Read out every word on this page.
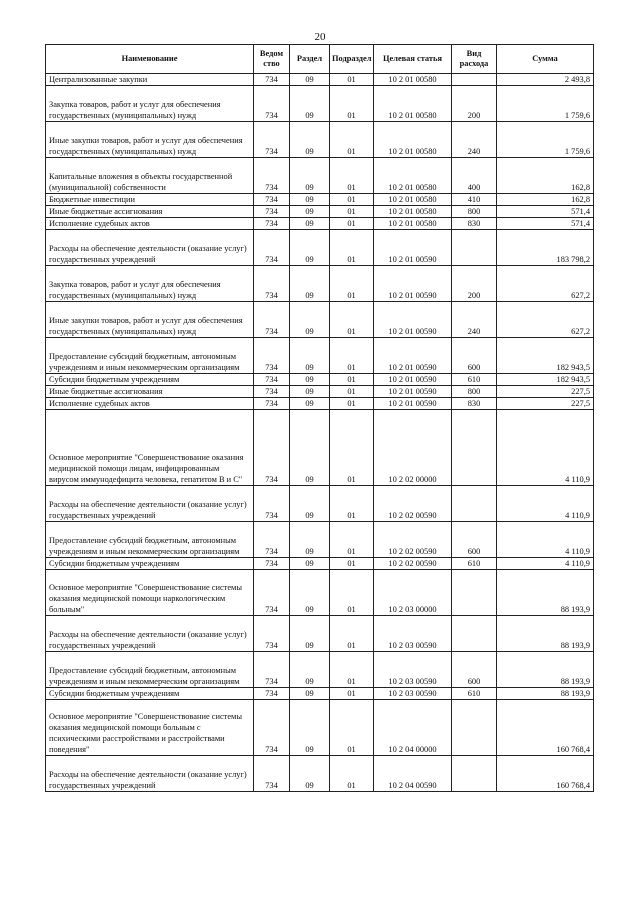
20
Наименование	Ведом ство	Раздел	Подраздел	Целевая статья	Вид расхода	Сумма
Централизованные закупки	734	09	01	10 2 01 00580		2 493,8
Закупка товаров, работ и услуг для обеспечения государственных (муниципальных) нужд	734	09	01	10 2 01 00580	200	1 759,6
Иные закупки товаров, работ и услуг для обеспечения государственных (муниципальных) нужд	734	09	01	10 2 01 00580	240	1 759,6
Капитальные вложения в объекты государственной (муниципальной) собственности	734	09	01	10 2 01 00580	400	162,8
Бюджетные инвестиции	734	09	01	10 2 01 00580	410	162,8
Иные бюджетные ассигнования	734	09	01	10 2 01 00580	800	571,4
Исполнение судебных актов	734	09	01	10 2 01 00580	830	571,4
Расходы на обеспечение деятельности (оказание услуг) государственных учреждений	734	09	01	10 2 01 00590		183 798,2
Закупка товаров, работ и услуг для обеспечения государственных (муниципальных) нужд	734	09	01	10 2 01 00590	200	627,2
Иные закупки товаров, работ и услуг для обеспечения государственных (муниципальных) нужд	734	09	01	10 2 01 00590	240	627,2
Предоставление субсидий бюджетным, автономным учреждениям и иным некоммерческим организациям	734	09	01	10 2 01 00590	600	182 943,5
Субсидии бюджетным учреждениям	734	09	01	10 2 01 00590	610	182 943,5
Иные бюджетные ассигнования	734	09	01	10 2 01 00590	800	227,5
Исполнение судебных актов	734	09	01	10 2 01 00590	830	227,5
Основное мероприятие "Совершенствование оказания медицинской помощи лицам, инфицированным вирусом иммунодефицита человека, гепатитом В и С"	734	09	01	10 2 02 00000		4 110,9
Расходы на обеспечение деятельности (оказание услуг) государственных учреждений	734	09	01	10 2 02 00590		4 110,9
Предоставление субсидий бюджетным, автономным учреждениям и иным некоммерческим организациям	734	09	01	10 2 02 00590	600	4 110,9
Субсидии бюджетным учреждениям	734	09	01	10 2 02 00590	610	4 110,9
Основное мероприятие "Совершенствование системы оказания медицинской помощи наркологическим больным"	734	09	01	10 2 03 00000		88 193,9
Расходы на обеспечение деятельности (оказание услуг) государственных учреждений	734	09	01	10 2 03 00590		88 193,9
Предоставление субсидий бюджетным, автономным учреждениям и иным некоммерческим организациям	734	09	01	10 2 03 00590	600	88 193,9
Субсидии бюджетным учреждениям	734	09	01	10 2 03 00590	610	88 193,9
Основное мероприятие "Совершенствование системы оказания медицинской помощи больным с психическими расстройствами и расстройствами поведения"	734	09	01	10 2 04 00000		160 768,4
Расходы на обеспечение деятельности (оказание услуг) государственных учреждений	734	09	01	10 2 04 00590		160 768,4
